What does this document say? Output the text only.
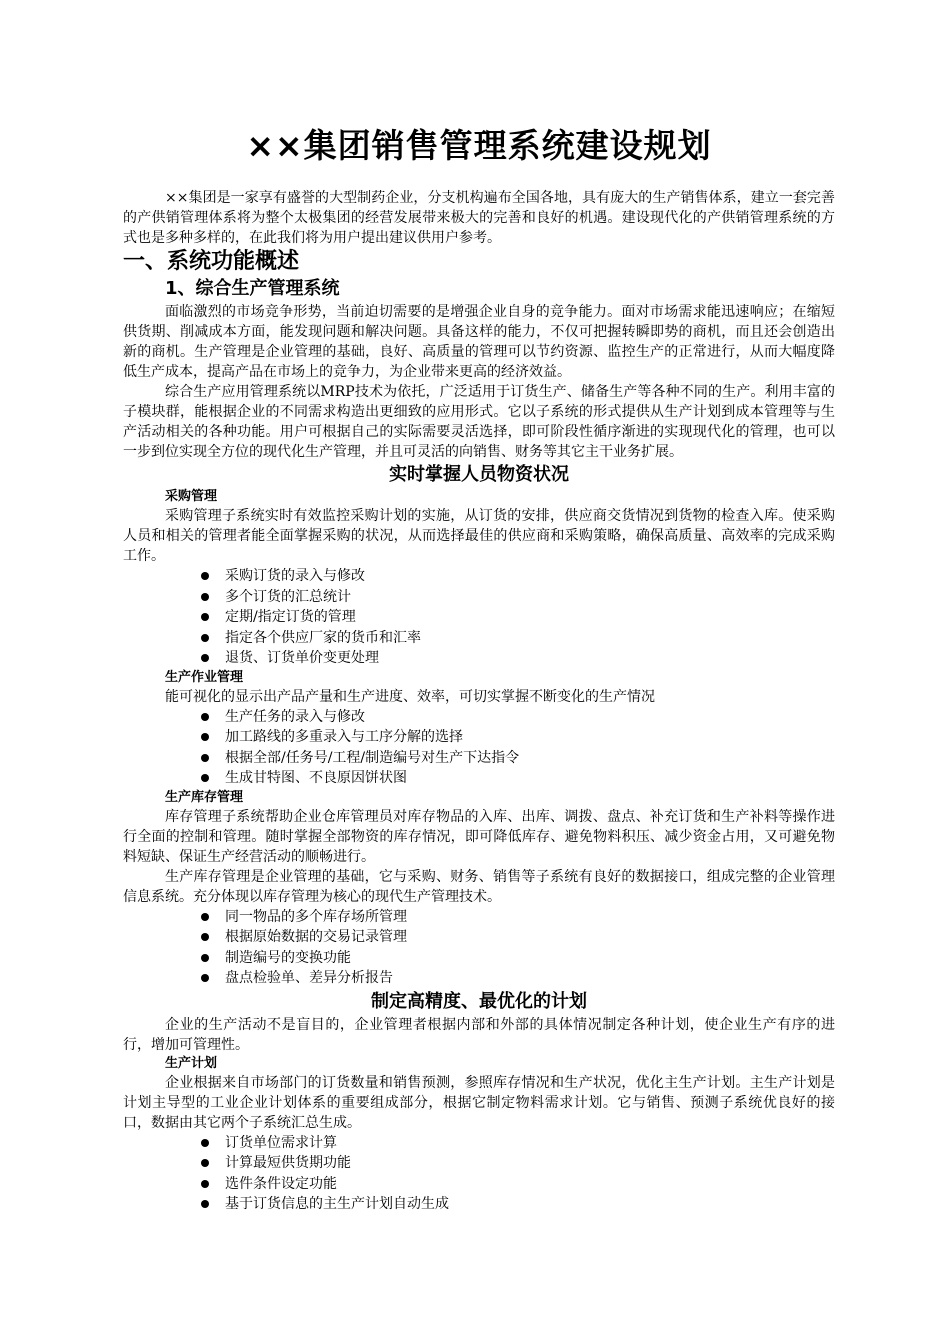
××集团销售管理系统建设规划

××集团是一家享有盛誉的大型制药企业，分支机构遍布全国各地，具有庞大的生产销售体系，建立一套完善的产供销管理体系将为整个太极集团的经营发展带来极大的完善和良好的机遇。建设现代化的产供销管理系统的方式也是多种多样的，在此我们将为用户提出建议供用户参考。

一、系统功能概述
1、综合生产管理系统

面临激烈的市场竞争形势，当前迫切需要的是增强企业自身的竞争能力。面对市场需求能迅速响应；在缩短供货期、削减成本方面，能发现问题和解决问题。具备这样的能力，不仅可把握转瞬即势的商机，而且还会创造出新的商机。生产管理是企业管理的基础，良好、高质量的管理可以节约资源、监控生产的正常进行，从而大幅度降低生产成本，提高产品在市场上的竞争力，为企业带来更高的经济效益。

综合生产应用管理系统以MRP技术为依托，广泛适用于订货生产、储备生产等各种不同的生产。利用丰富的子模块群，能根据企业的不同需求构造出更细致的应用形式。它以子系统的形式提供从生产计划到成本管理等与生产活动相关的各种功能。用户可根据自己的实际需要灵活选择，即可阶段性循序渐进的实现现代化的管理，也可以一步到位实现全方位的现代化生产管理，并且可灵活的向销售、财务等其它主干业务扩展。

实时掌握人员物资状况
采购管理

采购管理子系统实时有效监控采购计划的实施，从订货的安排，供应商交货情况到货物的检查入库。使采购人员和相关的管理者能全面掌握采购的状况，从而选择最佳的供应商和采购策略，确保高质量、高效率的完成采购工作。

采购订货的录入与修改
多个订货的汇总统计
定期/指定订货的管理
指定各个供应厂家的货币和汇率
退货、订货单价变更处理
生产作业管理

能可视化的显示出产品产量和生产进度、效率，可切实掌握不断变化的生产情况

生产任务的录入与修改
加工路线的多重录入与工序分解的选择
根据全部/任务号/工程/制造编号对生产下达指令
生成甘特图、不良原因饼状图
生产库存管理

库存管理子系统帮助企业仓库管理员对库存物品的入库、出库、调拨、盘点、补充订货和生产补料等操作进行全面的控制和管理。随时掌握全部物资的库存情况，即可降低库存、避免物料积压、减少资金占用，又可避免物料短缺、保证生产经营活动的顺畅进行。

生产库存管理是企业管理的基础，它与采购、财务、销售等子系统有良好的数据接口，组成完整的企业管理信息系统。充分体现以库存管理为核心的现代生产管理技术。

同一物品的多个库存场所管理
根据原始数据的交易记录管理
制造编号的变换功能
盘点检验单、差异分析报告
制定高精度、最优化的计划

企业的生产活动不是盲目的，企业管理者根据内部和外部的具体情况制定各种计划，使企业生产有序的进行，增加可管理性。

生产计划

企业根据来自市场部门的订货数量和销售预测，参照库存情况和生产状况，优化主生产计划。主生产计划是计划主导型的工业企业计划体系的重要组成部分，根据它制定物料需求计划。它与销售、预测子系统优良好的接口，数据由其它两个子系统汇总生成。

订货单位需求计算
计算最短供货期功能
选件条件设定功能
基于订货信息的主生产计划自动生成
